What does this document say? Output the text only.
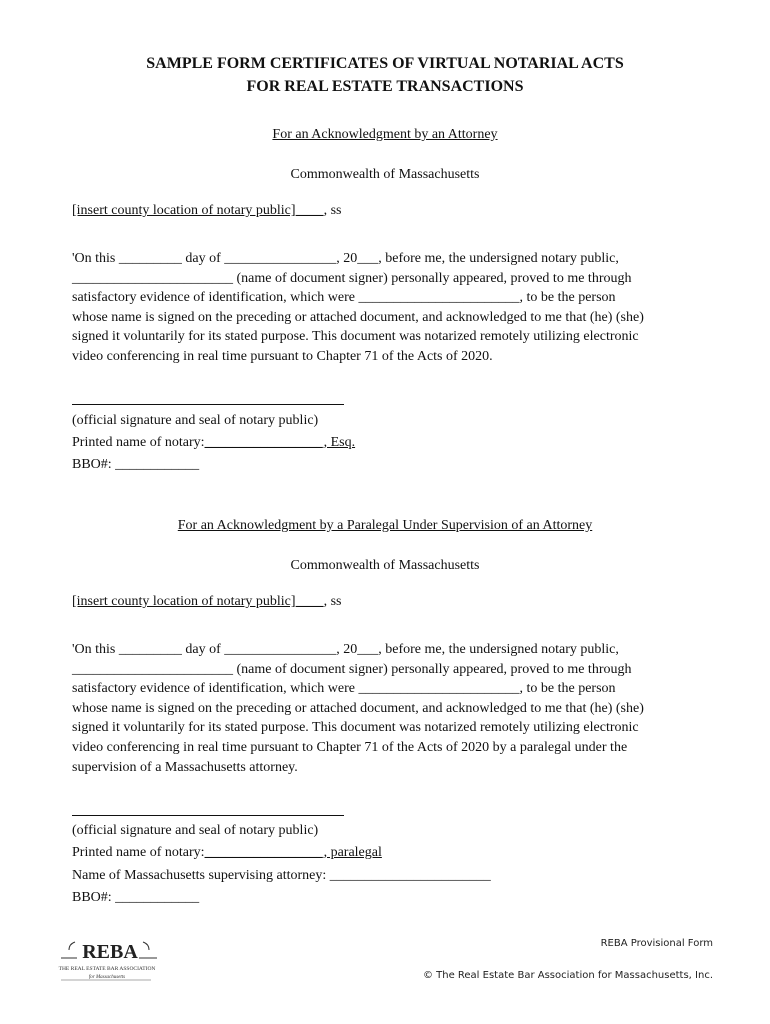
SAMPLE FORM CERTIFICATES OF VIRTUAL NOTARIAL ACTS
FOR REAL ESTATE TRANSACTIONS
For an Acknowledgment by an Attorney
Commonwealth of Massachusetts
[insert county location of notary public]____, ss
'On this _________ day of ________________, 20___, before me, the undersigned notary public,
_______________________ (name of document signer) personally appeared, proved to me through
satisfactory evidence of identification, which were _______________________, to be the person
whose name is signed on the preceding or attached document, and acknowledged to me that (he) (she)
signed it voluntarily for its stated purpose. This document was notarized remotely utilizing electronic
video conferencing in real time pursuant to Chapter 71 of the Acts of 2020.
(official signature and seal of notary public)
Printed name of notary:_________________, Esq.
BBO#: ____________
For an Acknowledgment by a Paralegal Under Supervision of an Attorney
Commonwealth of Massachusetts
[insert county location of notary public]____, ss
'On this _________ day of ________________, 20___, before me, the undersigned notary public,
_______________________ (name of document signer) personally appeared, proved to me through
satisfactory evidence of identification, which were _______________________, to be the person
whose name is signed on the preceding or attached document, and acknowledged to me that (he) (she)
signed it voluntarily for its stated purpose. This document was notarized remotely utilizing electronic
video conferencing in real time pursuant to Chapter 71 of the Acts of 2020 by a paralegal under the
supervision of a Massachusetts attorney.
(official signature and seal of notary public)
Printed name of notary:_________________, paralegal
Name of Massachusetts supervising attorney: _______________________
BBO#: ____________
REBA
THE REAL ESTATE BAR ASSOCIATION
for Massachusetts
REBA Provisional Form
© The Real Estate Bar Association for Massachusetts, Inc.
